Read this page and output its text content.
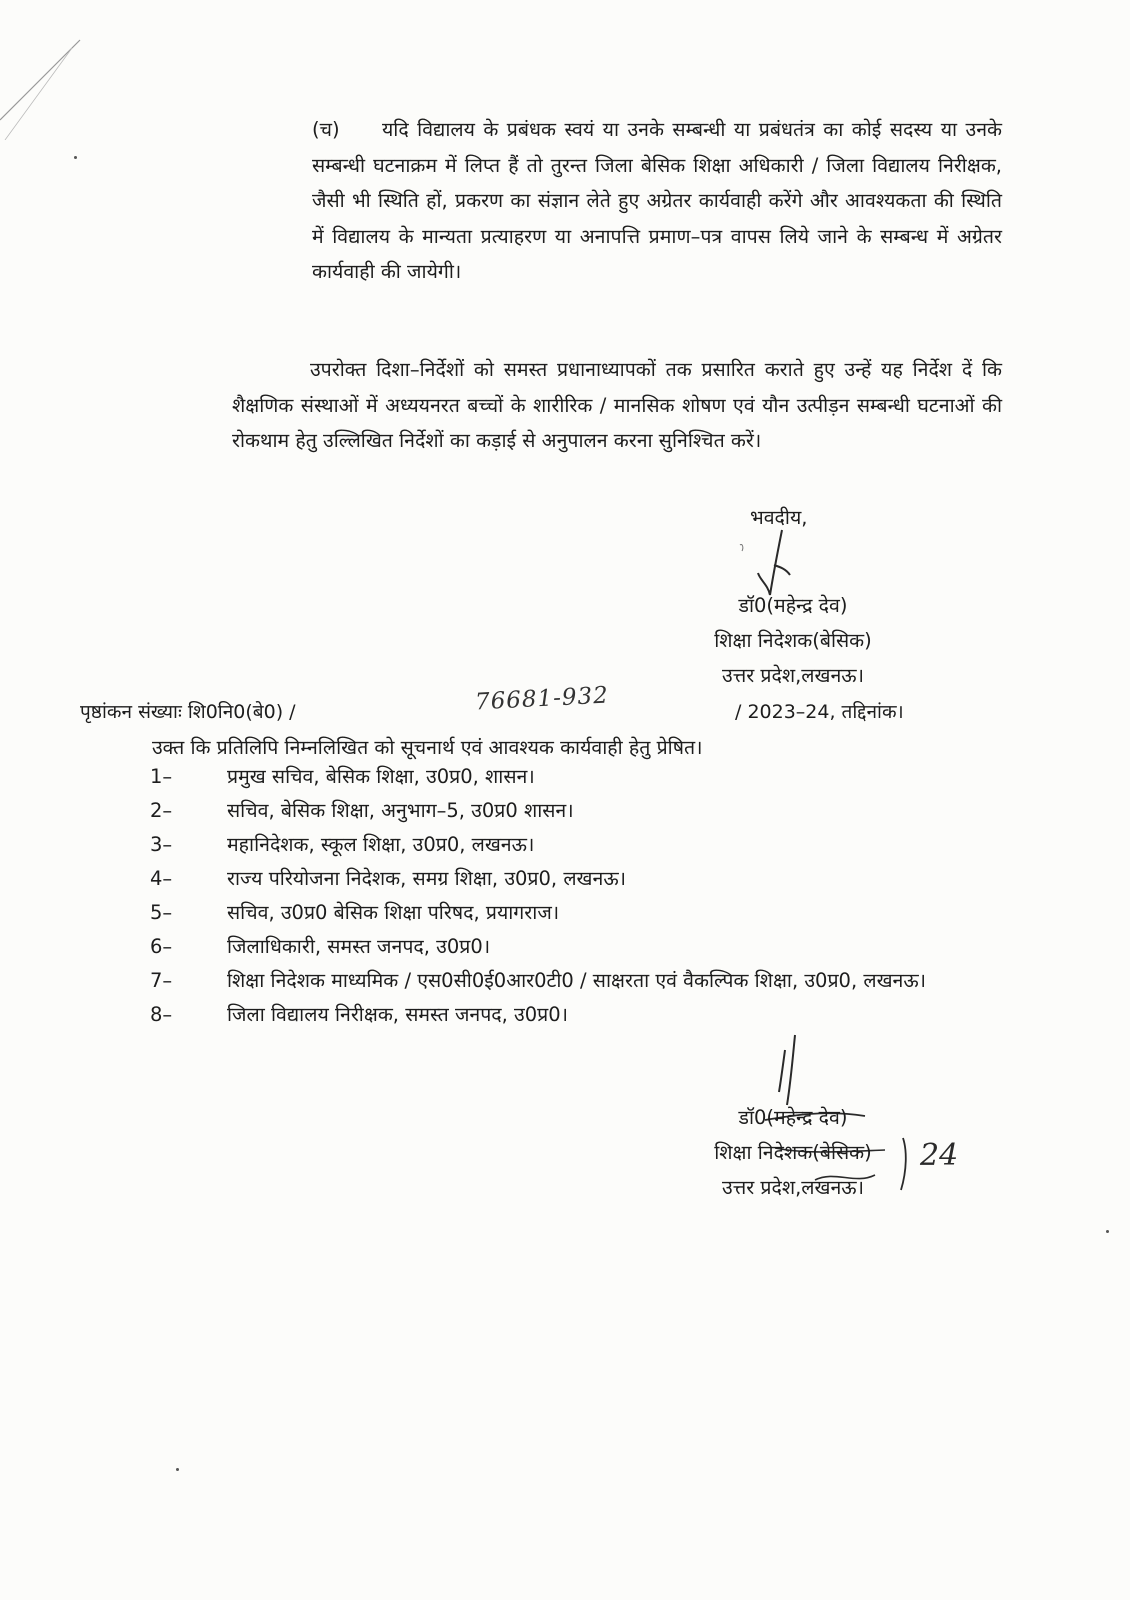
(च) यदि विद्यालय के प्रबंधक स्वयं या उनके सम्बन्धी या प्रबंधतंत्र का कोई सदस्य या उनके सम्बन्धी घटनाक्रम में लिप्त हैं तो तुरन्त जिला बेसिक शिक्षा अधिकारी / जिला विद्यालय निरीक्षक, जैसी भी स्थिति हों, प्रकरण का संज्ञान लेते हुए अग्रेतर कार्यवाही करेंगे और आवश्यकता की स्थिति में विद्यालय के मान्यता प्रत्याहरण या अनापत्ति प्रमाण–पत्र वापस लिये जाने के सम्बन्ध में अग्रेतर कार्यवाही की जायेगी।
उपरोक्त दिशा–निर्देशों को समस्त प्रधानाध्यापकों तक प्रसारित कराते हुए उन्हें यह निर्देश दें कि शैक्षणिक संस्थाओं में अध्ययनरत बच्चों के शारीरिक / मानसिक शोषण एवं यौन उत्पीड़न सम्बन्धी घटनाओं की रोकथाम हेतु उल्लिखित निर्देशों का कड़ाई से अनुपालन करना सुनिश्चित करें।
भवदीय,
डॉ0(महेन्द्र देव)
शिक्षा निदेशक(बेसिक)
उत्तर प्रदेश,लखनऊ।
पृष्ठांकन संख्याः शि0नि0(बे0) /	76681-932	/ 2023–24, तद्दिनांक।
उक्त कि प्रतिलिपि निम्नलिखित को सूचनार्थ एवं आवश्यक कार्यवाही हेतु प्रेषित।
1–	प्रमुख सचिव, बेसिक शिक्षा, उ0प्र0, शासन।
2–	सचिव, बेसिक शिक्षा, अनुभाग–5, उ0प्र0 शासन।
3–	महानिदेशक, स्कूल शिक्षा, उ0प्र0, लखनऊ।
4–	राज्य परियोजना निदेशक, समग्र शिक्षा, उ0प्र0, लखनऊ।
5–	सचिव, उ0प्र0 बेसिक शिक्षा परिषद, प्रयागराज।
6–	जिलाधिकारी, समस्त जनपद, उ0प्र0।
7–	शिक्षा निदेशक माध्यमिक / एस0सी0ई0आर0टी0 / साक्षरता एवं वैकल्पिक शिक्षा, उ0प्र0, लखनऊ।
8–	जिला विद्यालय निरीक्षक, समस्त जनपद, उ0प्र0।
डॉ0(महेन्द्र देव)
शिक्षा निदेशक(बेसिक)
उत्तर प्रदेश,लखनऊ।
24
